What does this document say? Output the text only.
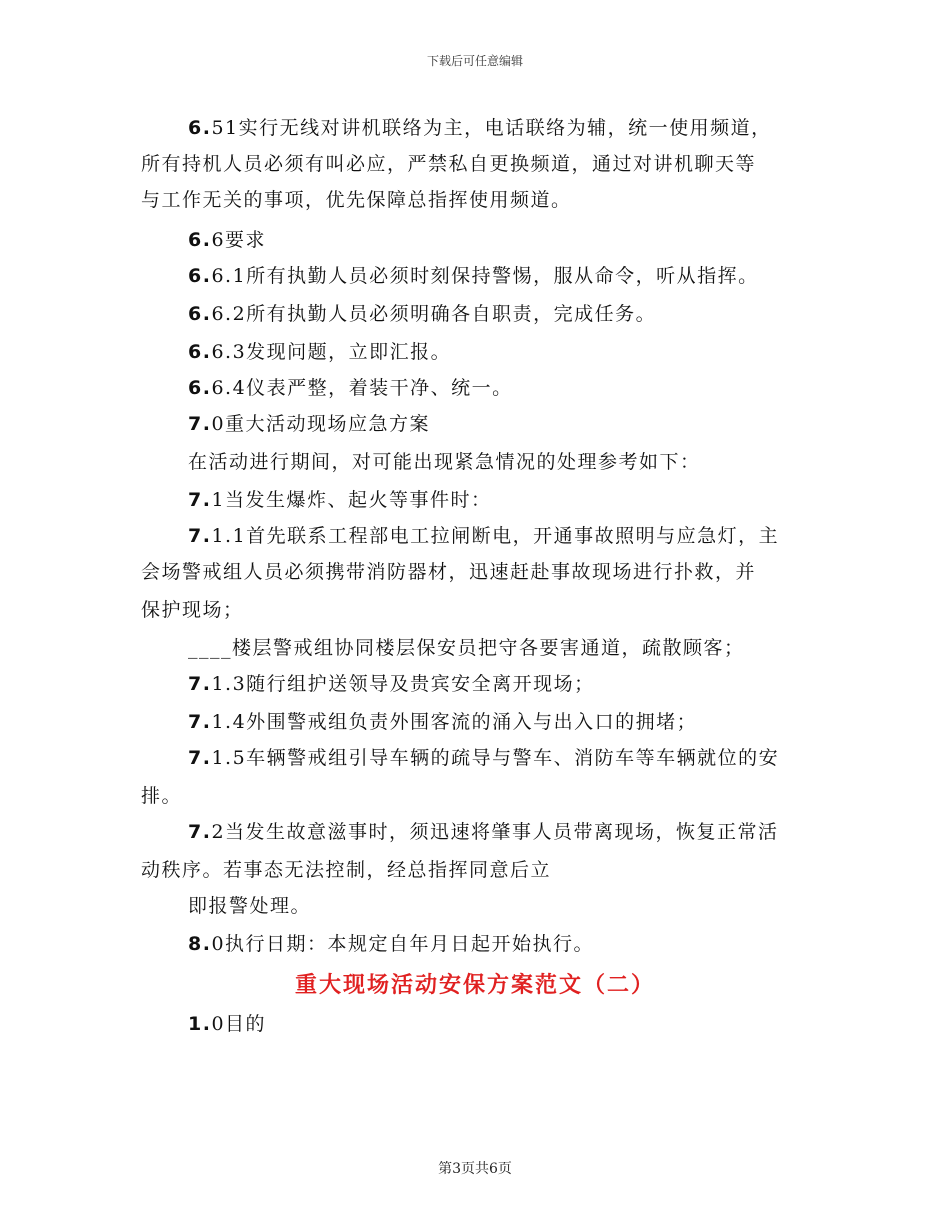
下载后可任意编辑
6.51实行无线对讲机联络为主，电话联络为辅，统一使用频道，
所有持机人员必须有叫必应，严禁私自更换频道，通过对讲机聊天等
与工作无关的事项，优先保障总指挥使用频道。
6.6要求
6.6.1所有执勤人员必须时刻保持警惕，服从命令，听从指挥。
6.6.2所有执勤人员必须明确各自职责，完成任务。
6.6.3发现问题，立即汇报。
6.6.4仪表严整，着装干净、统一。
7.0重大活动现场应急方案
在活动进行期间，对可能出现紧急情况的处理参考如下：
7.1当发生爆炸、起火等事件时：
7.1.1首先联系工程部电工拉闸断电，开通事故照明与应急灯，主
会场警戒组人员必须携带消防器材，迅速赶赴事故现场进行扑救，并
保护现场；
____楼层警戒组协同楼层保安员把守各要害通道，疏散顾客；
7.1.3随行组护送领导及贵宾安全离开现场；
7.1.4外围警戒组负责外围客流的涌入与出入口的拥堵；
7.1.5车辆警戒组引导车辆的疏导与警车、消防车等车辆就位的安
排。
7.2当发生故意滋事时，须迅速将肇事人员带离现场，恢复正常活
动秩序。若事态无法控制，经总指挥同意后立
即报警处理。
8.0执行日期：本规定自年月日起开始执行。
重大现场活动安保方案范文（二）
1.0目的
第3页共6页
